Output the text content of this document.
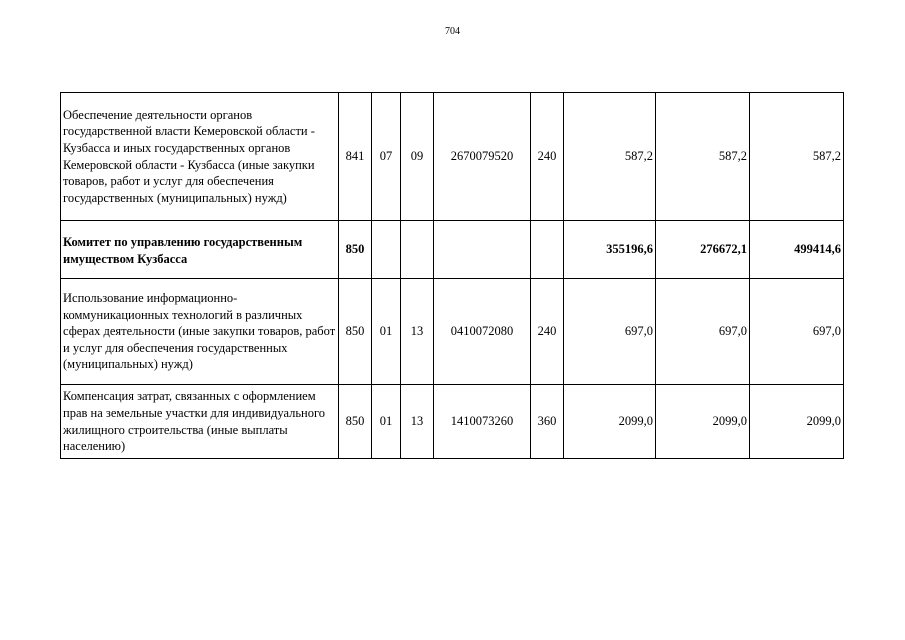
704
Обеспечение деятельности органов государственной власти Кемеровской области - Кузбасса и иных государственных органов Кемеровской области - Кузбасса (иные закупки товаров, работ и услуг для обеспечения государственных (муниципальных) нужд)	841	07	09	2670079520	240	587,2	587,2	587,2
Комитет по управлению государственным имуществом Кузбасса	850					355196,6	276672,1	499414,6
Использование информационно-коммуникационных технологий в различных сферах деятельности (иные закупки товаров, работ и услуг для обеспечения государственных (муниципальных) нужд)	850	01	13	0410072080	240	697,0	697,0	697,0
Компенсация затрат, связанных с оформлением прав на земельные участки для индивидуального жилищного строительства (иные выплаты населению)	850	01	13	1410073260	360	2099,0	2099,0	2099,0
